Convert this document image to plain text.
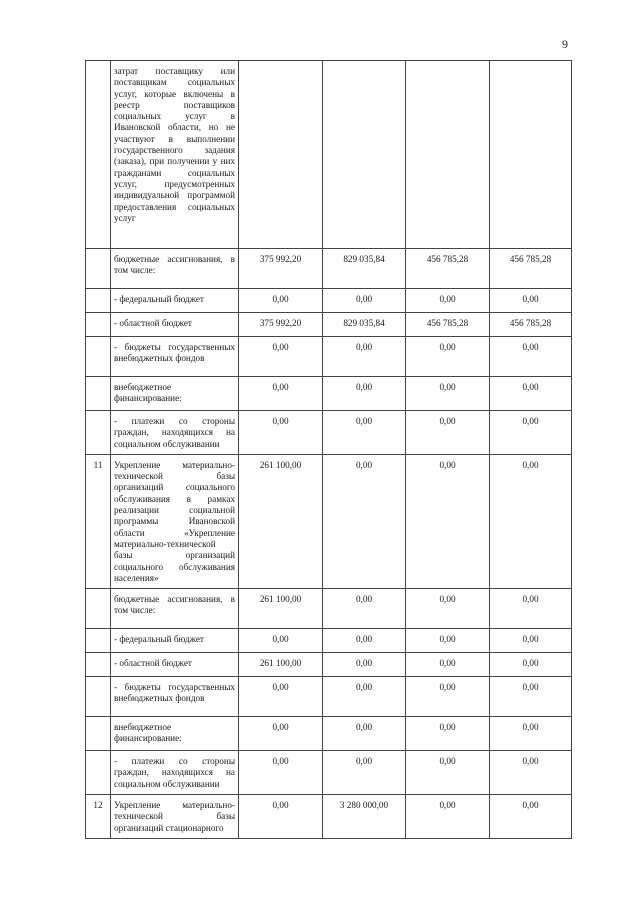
9
	затрат поставщику или поставщикам социальных услуг, которые включены в реестр поставщиков социальных услуг в Ивановской области, но не участвуют в выполнении государственного задания (заказа), при получении у них гражданами социальных услуг, предусмотренных индивидуальной программой предоставления социальных услуг				
	бюджетные ассигнования, в том числе:	375 992,20	829 035,84	456 785,28	456 785,28
	- федеральный бюджет	0,00	0,00	0,00	0,00
	- областной бюджет	375 992,20	829 035,84	456 785,28	456 785,28
	- бюджеты государственных внебюджетных фондов	0,00	0,00	0,00	0,00
	внебюджетное финансирование:	0,00	0,00	0,00	0,00
	- платежи со стороны граждан, находящихся на социальном обслуживании	0,00	0,00	0,00	0,00
11	Укрепление материально-технической базы организаций социального обслуживания в рамках реализации социальной программы Ивановской области «Укрепление материально-технической базы организаций социального обслуживания населения»	261 100,00	0,00	0,00	0,00
	бюджетные ассигнования, в том числе:	261 100,00	0,00	0,00	0,00
	- федеральный бюджет	0,00	0,00	0,00	0,00
	- областной бюджет	261 100,00	0,00	0,00	0,00
	- бюджеты государственных внебюджетных фондов	0,00	0,00	0,00	0,00
	внебюджетное финансирование:	0,00	0,00	0,00	0,00
	- платежи со стороны граждан, находящихся на социальном обслуживании	0,00	0,00	0,00	0,00
12	Укрепление материально-технической базы организаций стационарного	0,00	3 280 000,00	0,00	0,00
